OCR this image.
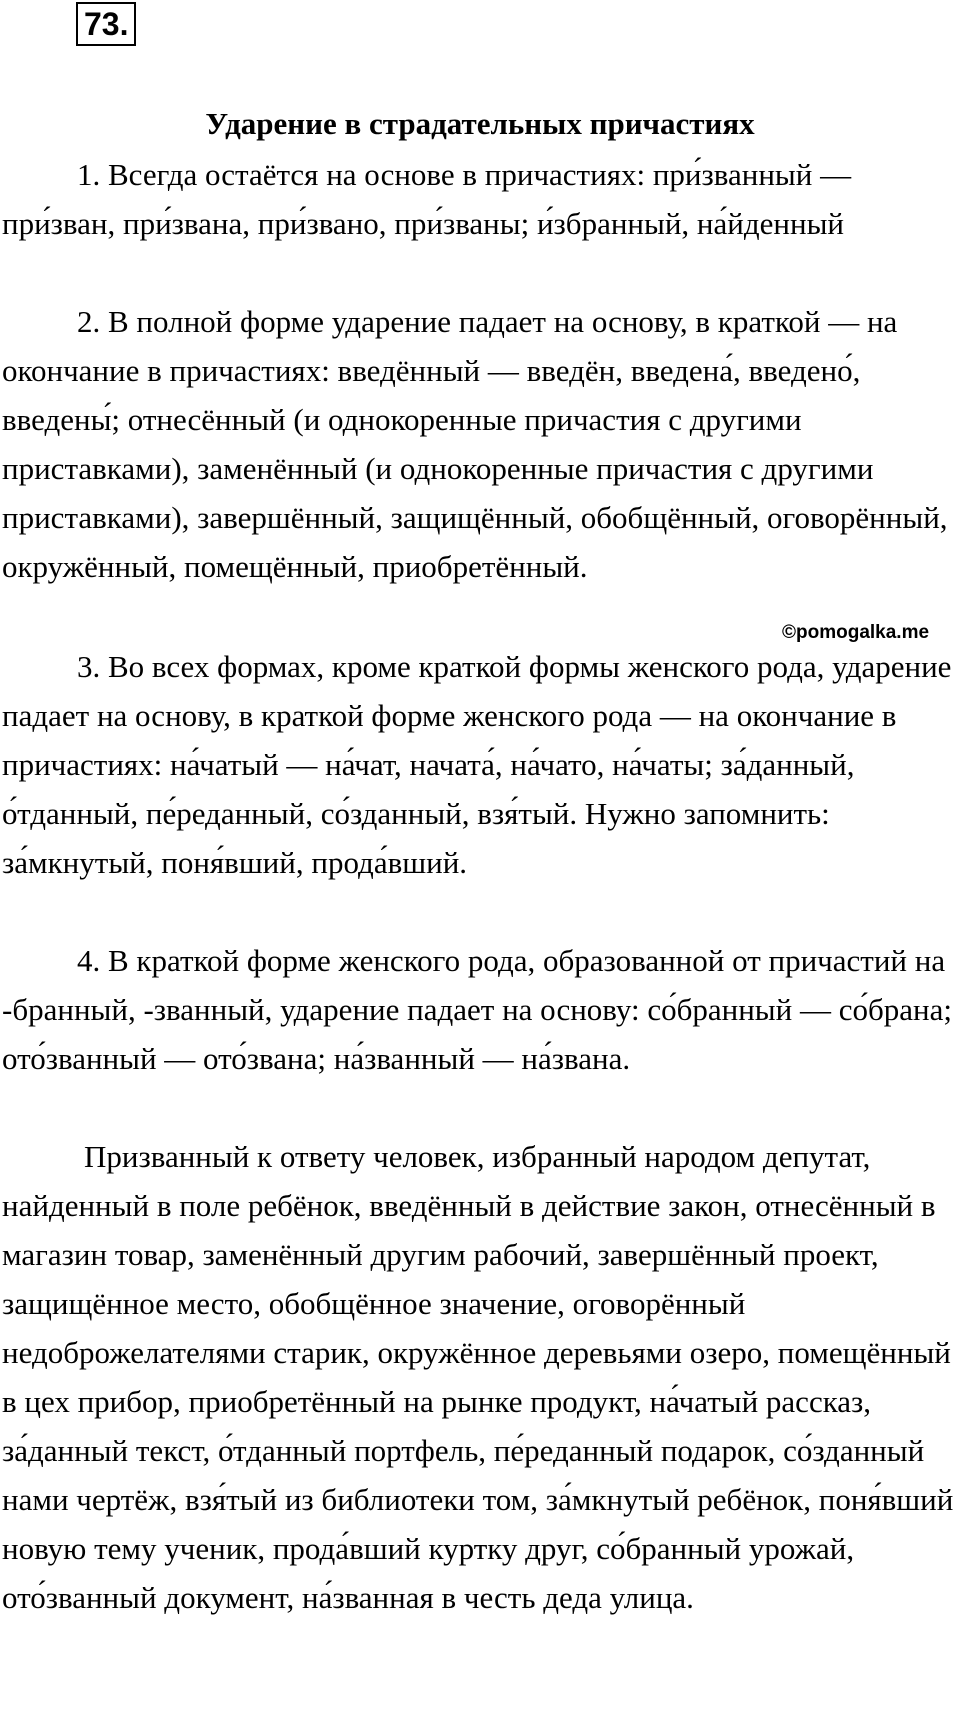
73.
Ударение в страдательных причастиях

1. Всегда остаётся на основе в причастиях: при́званный — при́зван, при́звана, при́звано, при́званы; и́збранный, на́йденный

2. В полной форме ударение падает на основу, в краткой — на окончание в причастиях: введённый — введён, введена́, введено́, введены́; отнесённый (и однокоренные причастия с другими приставками), заменённый (и однокоренные причастия с другими приставками), завершённый, защищённый, обобщённый, оговорённый, окружённый, помещённый, приобретённый.

3. Во всех формах, кроме краткой формы женского рода, ударение падает на основу, в краткой форме женского рода — на окончание в причастиях: на́чатый — на́чат, начата́, на́чато, на́чаты; за́данный, о́тданный, пе́реданный, со́зданный, взя́тый. Нужно запомнить: за́мкнутый, поня́вший, прода́вший.

4. В краткой форме женского рода, образованной от причастий на -бранный, -званный, ударение падает на основу: со́бранный — со́брана; ото́званный — ото́звана; на́званный — на́звана.

Призванный к ответу человек, избранный народом депутат, найденный в поле ребёнок, введённый в действие закон, отнесённый в магазин товар, заменённый другим рабочий, завершённый проект, защищённое место, обобщённое значение, оговорённый недоброжелателями старик, окружённое деревьями озеро, помещённый в цех прибор, приобретённый на рынке продукт, на́чатый рассказ, за́данный текст, о́тданный портфель, пе́реданный подарок, со́зданный нами чертёж, взя́тый из библиотеки том, за́мкнутый ребёнок, поня́вший новую тему ученик, прода́вший куртку друг, со́бранный урожай, ото́званный документ, на́званная в честь деда улица.

©pomogalka.me
